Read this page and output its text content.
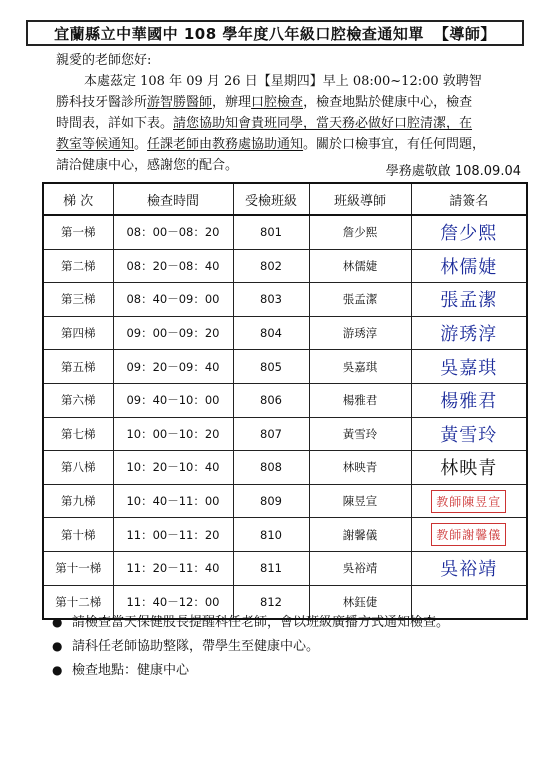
宜蘭縣立中華國中 108 學年度八年級口腔檢查通知單 【導師】

親愛的老師您好:

本處茲定 108 年 09 月 26 日【星期四】早上 08:00~12:00 敦聘智

勝科技牙醫診所游智勝醫師，辦理口腔檢查，檢查地點於健康中心，檢查

時間表，詳如下表。請您協助知會貴班同學，當天務必做好口腔清潔，在

教室等候通知。任課老師由教務處協助通知。關於口檢事宜，有任何問題，

請洽健康中心，感謝您的配合。	學務處敬啟 108.09.04
梯 次	檢查時間	受檢班級	班級導師	請簽名
第一梯	08：00－08：20	801	詹少熙	詹少熙
第二梯	08：20－08：40	802	林儒婕	林儒婕
第三梯	08：40－09：00	803	張孟潔	張孟潔
第四梯	09：00－09：20	804	游琇淳	游琇淳
第五梯	09：20－09：40	805	吳嘉琪	吳嘉琪
第六梯	09：40－10：00	806	楊雅君	楊雅君
第七梯	10：00－10：20	807	黃雪玲	黃雪玲
第八梯	10：20－10：40	808	林映青	林映青
第九梯	10：40－11：00	809	陳昱宣	教師陳昱宣
第十梯	11：00－11：20	810	謝馨儀	教師謝馨儀
第十一梯	11：20－11：40	811	吳裕靖	吳裕靖
第十二梯	11：40－12：00	812	林鈺倢	
● 請檢查當天保健股長提醒科任老師，會以班級廣播方式通知檢查。
● 請科任老師協助整隊，帶學生至健康中心。
● 檢查地點：健康中心
